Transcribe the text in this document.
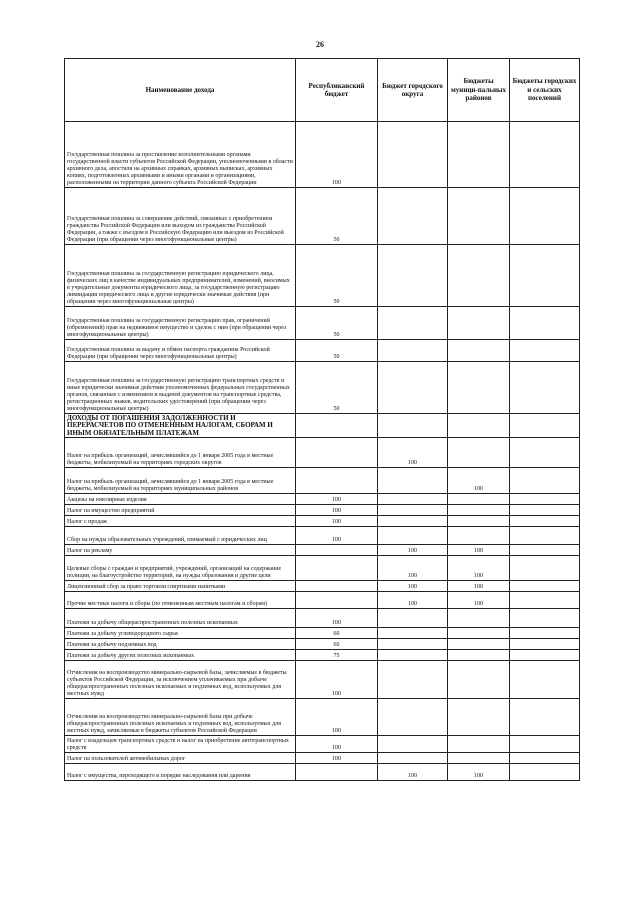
26
Наименование дохода	Республиканский бюджет	Бюджет городского округа	Бюджеты муници-пальных районов	Бюджеты городских и сельских поселений
Государственная пошлина за проставление исполнительными органами государственной власти субъектов Российской Федерации, уполномоченными в области архивного дела, апостиля на архивных справках, архивных выписках, архивных копиях, подготовленных архивными и иными органами и организациями, расположенными на территории данного субъекта Российской Федерации	100			
Государственная пошлина за совершение действий, связанных с приобретением гражданства Российской Федерации или выходом из гражданства Российской Федерации, а также с въездом в Российскую Федерацию или выездом из Российской Федерации (при обращении через многофункциональные центры)	50			
Государственная пошлина за государственную регистрацию юридического лица, физических лиц в качестве индивидуальных предпринимателей, изменений, вносимых в учредительные документы юридического лица, за государственную регистрацию ликвидации юридического лица и другие юридически значимые действия (при обращении через многофункциональные центры)	50			
Государственная пошлина за государственную регистрацию прав, ограничений (обременений) прав на недвижимое имущество и сделок с ним (при обращении через многофункциональные центры)	50			
Государственная пошлина за выдачу и обмен паспорта гражданина Российской Федерации (при обращении через многофункциональные центры)	50			
Государственная пошлина за государственную регистрацию транспортных средств и иные юридически значимые действия уполномоченных федеральных государственных органов, связанные с изменением и выдачей документов на транспортные средства, регистрационных знаков, водительских удостоверений (при обращении через многофункциональные центры)	50			
ДОХОДЫ ОТ ПОГАШЕНИЯ ЗАДОЛЖЕННОСТИ И ПЕРЕРАСЧЕТОВ ПО ОТМЕНЕННЫМ НАЛОГАМ, СБОРАМ И ИНЫМ ОБЯЗАТЕЛЬНЫМ ПЛАТЕЖАМ				
Налог на прибыль организаций, зачислявшийся до 1 января 2005 года в местные бюджеты, мобилизуемый на территориях городских округов		100		
Налог на прибыль организаций, зачислявшийся до 1 января 2005 года в местные бюджеты, мобилизуемый на территориях муниципальных районов			100	
Акцизы на ювелирные изделия	100			
Налог на имущество предприятий	100			
Налог с продаж	100			
Сбор на нужды образовательных учреждений, взимаемый с юридических лиц	100			
Налог на рекламу		100	100	
Целевые сборы с граждан и предприятий, учреждений, организаций на содержание полиции, на благоустройство территорий, на нужды образования и другие цели		100	100	
Лицензионный сбор за право торговли спиртными напитками		100	100	
Прочие местные налоги и сборы (по отмененным местным налогам и сборам)		100	100	
Платежи за добычу общераспространенных полезных ископаемых	100			
Платежи за добычу углеводородного сырья	60			
Платежи за добычу подземных вод	60			
Платежи за добычу других полезных ископаемых	75			
Отчисления на воспроизводство минерально-сырьевой базы, зачисляемые в бюджеты субъектов Российской Федерации, за исключением уплачиваемых при добыче общераспространенных полезных ископаемых и подземных вод, используемых для местных нужд	100			
Отчисления на воспроизводство минерально-сырьевой базы при добыче общераспространенных полезных ископаемых и подземных вод, используемых для местных нужд, зачисляемые в бюджеты субъектов Российской Федерации	100			
Налог с владельцев транспортных средств и налог на приобретение автотранспортных средств	100			
Налог на пользователей автомобильных дорог	100			
Налог с имущества, переходящего в порядке наследования или дарения		100	100	
